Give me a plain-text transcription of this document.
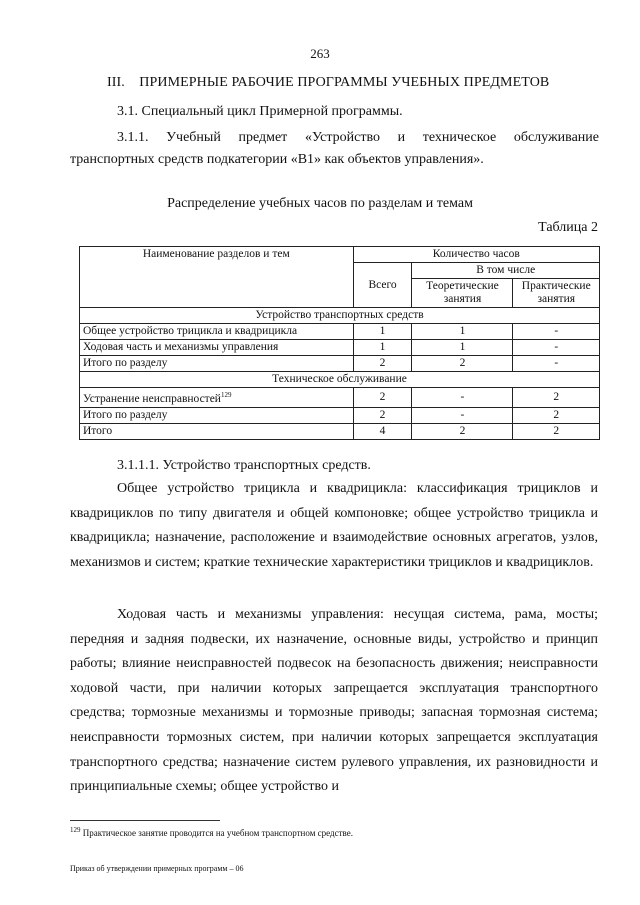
263
III.    ПРИМЕРНЫЕ РАБОЧИЕ ПРОГРАММЫ УЧЕБНЫХ ПРЕДМЕТОВ
3.1. Специальный цикл Примерной программы.
3.1.1.    Учебный    предмет    «Устройство    и    техническое    обслуживание
транспортных средств подкатегории «B1» как объектов управления».
Распределение учебных часов по разделам и темам
Таблица 2
Наименование разделов и тем	Количество часов		
	Всего	В том числе	
		Теоретические занятия	Практические занятия
Устройство транспортных средств			
Общее устройство трицикла и квадрицикла	1	1	-
Ходовая часть и механизмы управления	1	1	-
Итого по разделу	2	2	-
Техническое обслуживание			
Устранение неисправностей$^{129}$	2	-	2
Итого по разделу	2	-	2
Итого	4	2	2
3.1.1.1. Устройство транспортных средств.

Общее устройство трицикла и квадрицикла: классификация трициклов и квадрициклов по типу двигателя и общей компоновке; общее устройство трицикла и квадрицикла; назначение, расположение и взаимодействие основных агрегатов, узлов, механизмов и систем; краткие технические характеристики трициклов и квадрициклов.

Ходовая часть и механизмы управления: несущая система, рама, мосты; передняя и задняя подвески, их назначение, основные виды, устройство и принцип работы; влияние неисправностей подвесок на безопасность движения; неисправности ходовой части, при наличии которых запрещается эксплуатация транспортного средства; тормозные механизмы и тормозные приводы; запасная тормозная система; неисправности тормозных систем, при наличии которых запрещается эксплуатация транспортного средства; назначение систем рулевого управления, их разновидности и принципиальные схемы; общее устройство и

$^{129}$ Практическое занятие проводится на учебном транспортном средстве.
Приказ об утверждении примерных программ – 06
